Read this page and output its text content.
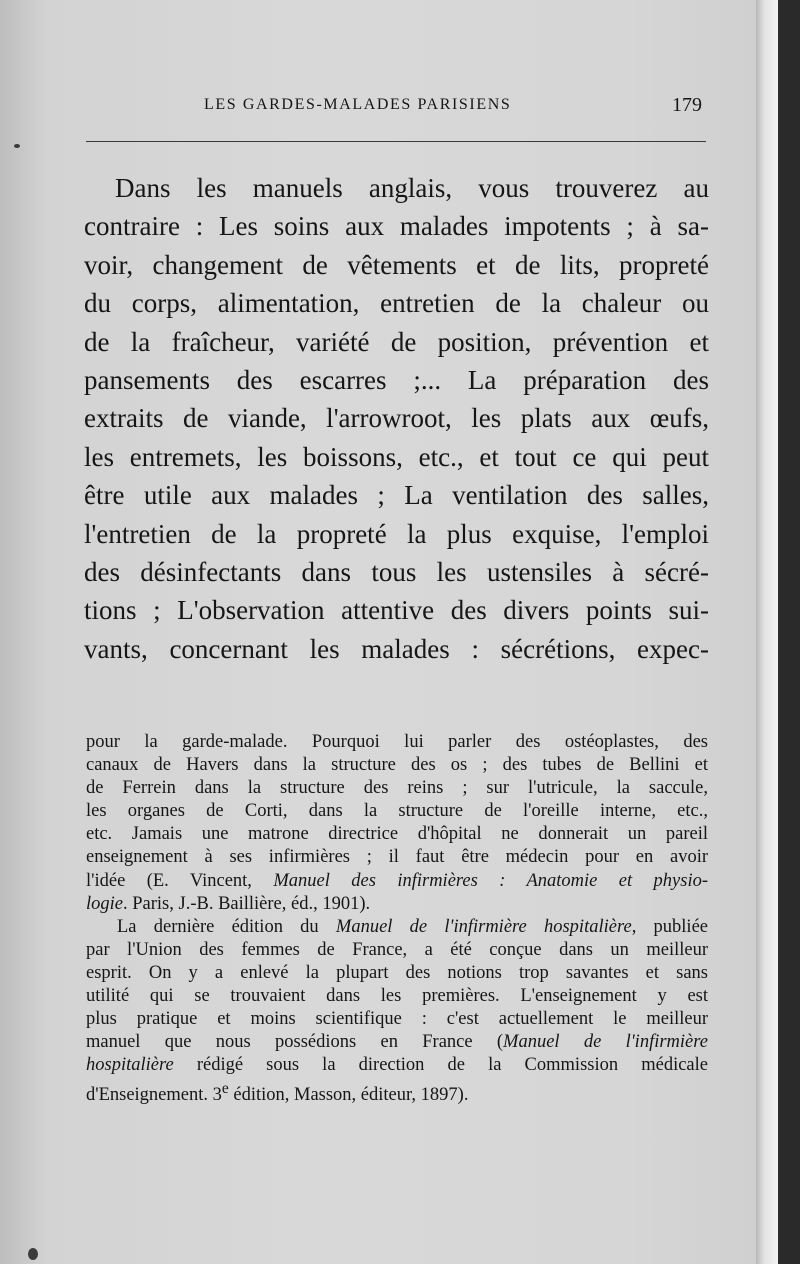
LES GARDES-MALADES PARISIENS	179
Dans les manuels anglais, vous trouverez au
contraire : Les soins aux malades impotents ; à sa-
voir, changement de vêtements et de lits, propreté
du corps, alimentation, entretien de la chaleur ou
de la fraîcheur, variété de position, prévention et
pansements des escarres ;... La préparation des
extraits de viande, l'arrowroot, les plats aux œufs,
les entremets, les boissons, etc., et tout ce qui peut
être utile aux malades ; La ventilation des salles,
l'entretien de la propreté la plus exquise, l'emploi
des désinfectants dans tous les ustensiles à sécré-
tions ; L'observation attentive des divers points sui-
vants, concernant les malades : sécrétions, expec-
pour la garde-malade. Pourquoi lui parler des ostéoplastes, des
canaux de Havers dans la structure des os ; des tubes de Bellini et
de Ferrein dans la structure des reins ; sur l'utricule, la saccule,
les organes de Corti, dans la structure de l'oreille interne, etc.,
etc. Jamais une matrone directrice d'hôpital ne donnerait un pareil
enseignement à ses infirmières ; il faut être médecin pour en avoir
l'idée (E. Vincent, Manuel des infirmières : Anatomie et physio-
logie. Paris, J.-B. Baillière, éd., 1901).
La dernière édition du Manuel de l'infirmière hospitalière, publiée
par l'Union des femmes de France, a été conçue dans un meilleur
esprit. On y a enlevé la plupart des notions trop savantes et sans
utilité qui se trouvaient dans les premières. L'enseignement y est
plus pratique et moins scientifique : c'est actuellement le meilleur
manuel que nous possédions en France (Manuel de l'infirmière
hospitalière rédigé sous la direction de la Commission médicale
d'Enseignement. 3e édition, Masson, éditeur, 1897).
